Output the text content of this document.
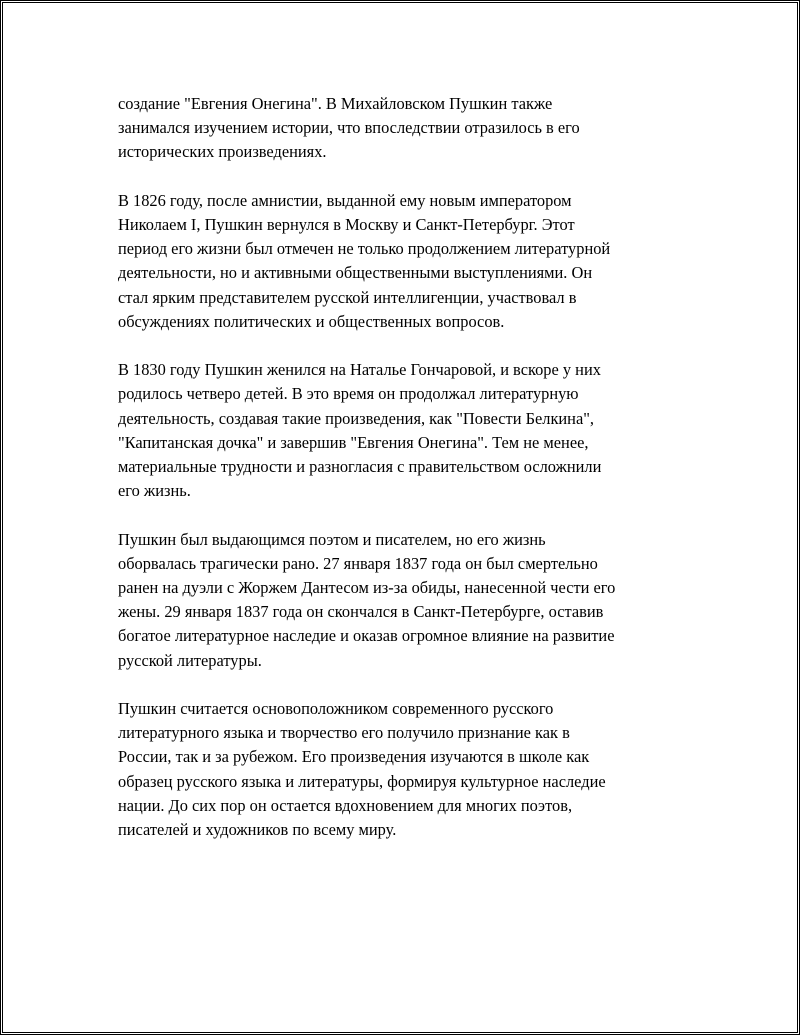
создание "Евгения Онегина". В Михайловском Пушкин также
занимался изучением истории, что впоследствии отразилось в его
исторических произведениях.

В 1826 году, после амнистии, выданной ему новым императором
Николаем I, Пушкин вернулся в Москву и Санкт-Петербург. Этот
период его жизни был отмечен не только продолжением литературной
деятельности, но и активными общественными выступлениями. Он
стал ярким представителем русской интеллигенции, участвовал в
обсуждениях политических и общественных вопросов.

В 1830 году Пушкин женился на Наталье Гончаровой, и вскоре у них
родилось четверо детей. В это время он продолжал литературную
деятельность, создавая такие произведения, как "Повести Белкина",
"Капитанская дочка" и завершив "Евгения Онегина". Тем не менее,
материальные трудности и разногласия с правительством осложнили
его жизнь.

Пушкин был выдающимся поэтом и писателем, но его жизнь
оборвалась трагически рано. 27 января 1837 года он был смертельно
ранен на дуэли с Жоржем Дантесом из-за обиды, нанесенной чести его
жены. 29 января 1837 года он скончался в Санкт-Петербурге, оставив
богатое литературное наследие и оказав огромное влияние на развитие
русской литературы.

Пушкин считается основоположником современного русского
литературного языка и творчество его получило признание как в
России, так и за рубежом. Его произведения изучаются в школе как
образец русского языка и литературы, формируя культурное наследие
нации. До сих пор он остается вдохновением для многих поэтов,
писателей и художников по всему миру.
